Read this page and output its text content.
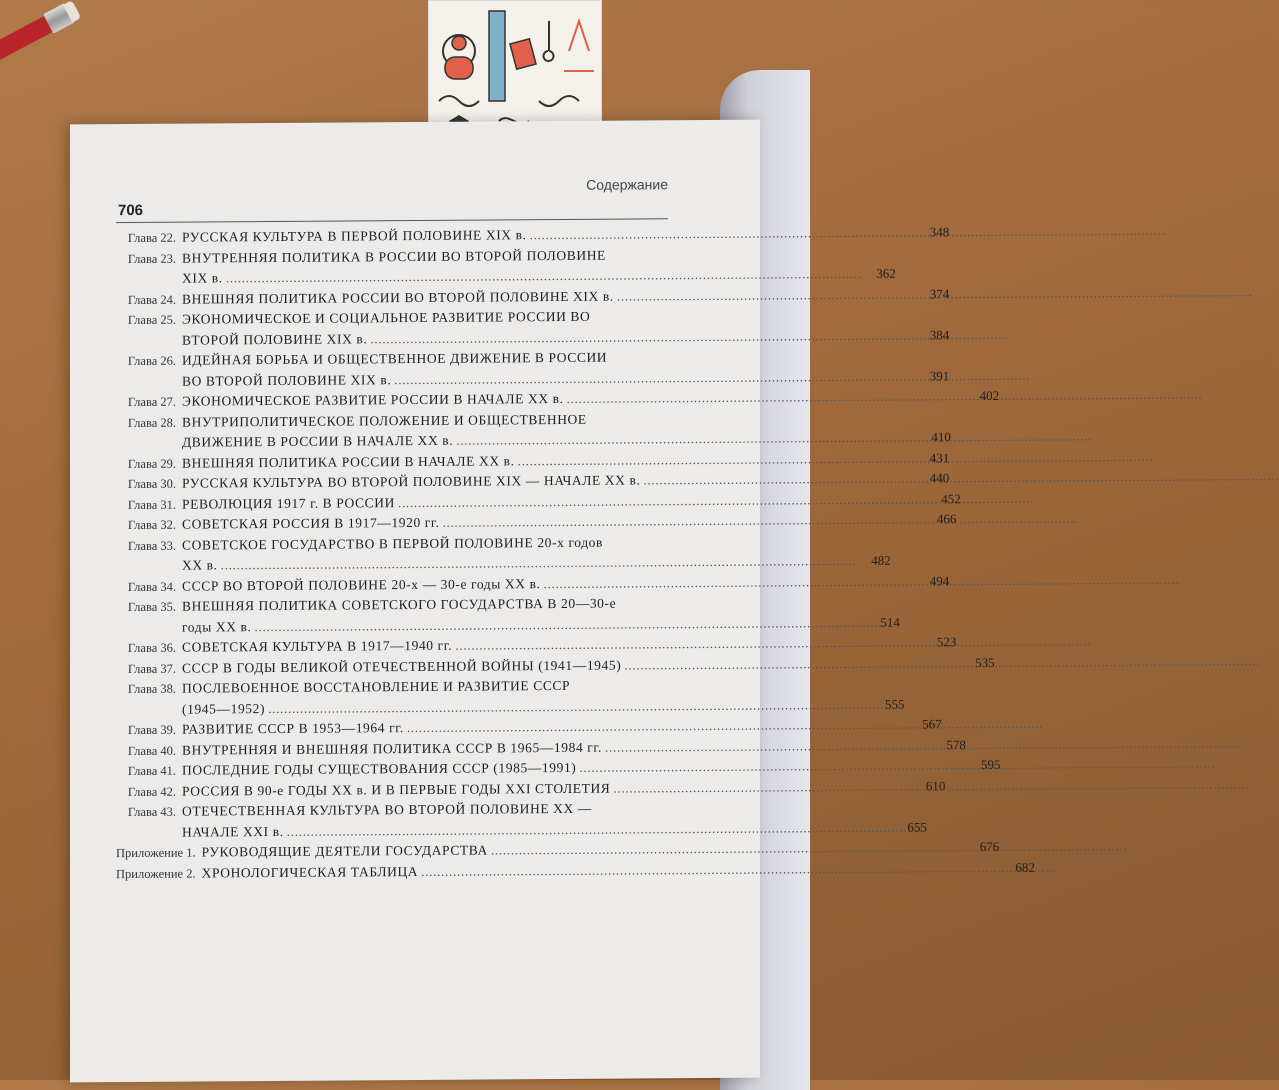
Содержание
706
Глава 22. РУССКАЯ КУЛЬТУРА В ПЕРВОЙ ПОЛОВИНЕ XIX в. .....	348
Глава 23. ВНУТРЕННЯЯ ПОЛИТИКА В РОССИИ ВО ВТОРОЙ ПОЛОВИНЕ
XIX в. .....	362
Глава 24. ВНЕШНЯЯ ПОЛИТИКА РОССИИ ВО ВТОРОЙ ПОЛОВИНЕ XIX в. .....	374
Глава 25. ЭКОНОМИЧЕСКОЕ И СОЦИАЛЬНОЕ РАЗВИТИЕ РОССИИ ВО
ВТОРОЙ ПОЛОВИНЕ XIX в. .....	384
Глава 26. ИДЕЙНАЯ БОРЬБА И ОБЩЕСТВЕННОЕ ДВИЖЕНИЕ В РОССИИ
ВО ВТОРОЙ ПОЛОВИНЕ XIX в. .....	391
Глава 27. ЭКОНОМИЧЕСКОЕ РАЗВИТИЕ РОССИИ В НАЧАЛЕ XX в. .....	402
Глава 28. ВНУТРИПОЛИТИЧЕСКОЕ ПОЛОЖЕНИЕ И ОБЩЕСТВЕННОЕ
ДВИЖЕНИЕ В РОССИИ В НАЧАЛЕ XX в. .....	410
Глава 29. ВНЕШНЯЯ ПОЛИТИКА РОССИИ В НАЧАЛЕ XX в. .....	431
Глава 30. РУССКАЯ КУЛЬТУРА ВО ВТОРОЙ ПОЛОВИНЕ XIX — НАЧАЛЕ XX в. .....	440
Глава 31. РЕВОЛЮЦИЯ 1917 г. В РОССИИ .....	452
Глава 32. СОВЕТСКАЯ РОССИЯ В 1917—1920 гг. .....	466
Глава 33. СОВЕТСКОЕ ГОСУДАРСТВО В ПЕРВОЙ ПОЛОВИНЕ 20-х годов
XX в. .....	482
Глава 34. СССР ВО ВТОРОЙ ПОЛОВИНЕ 20-х — 30-е годы XX в. .....	494
Глава 35. ВНЕШНЯЯ ПОЛИТИКА СОВЕТСКОГО ГОСУДАРСТВА В 20—30-е
годы XX в. .....	514
Глава 36. СОВЕТСКАЯ КУЛЬТУРА В 1917—1940 гг. .....	523
Глава 37. СССР В ГОДЫ ВЕЛИКОЙ ОТЕЧЕСТВЕННОЙ ВОЙНЫ (1941—1945) .....	535
Глава 38. ПОСЛЕВОЕННОЕ ВОССТАНОВЛЕНИЕ И РАЗВИТИЕ СССР
(1945—1952) .....	555
Глава 39. РАЗВИТИЕ СССР В 1953—1964 гг. .....	567
Глава 40. ВНУТРЕННЯЯ И ВНЕШНЯЯ ПОЛИТИКА СССР В 1965—1984 гг. .....	578
Глава 41. ПОСЛЕДНИЕ ГОДЫ СУЩЕСТВОВАНИЯ СССР (1985—1991) .....	595
Глава 42. РОССИЯ В 90-е ГОДЫ XX в. И В ПЕРВЫЕ ГОДЫ XXI СТОЛЕТИЯ .....	610
Глава 43. ОТЕЧЕСТВЕННАЯ КУЛЬТУРА ВО ВТОРОЙ ПОЛОВИНЕ XX —
НАЧАЛЕ XXI в. .....	655
Приложение 1. РУКОВОДЯЩИЕ ДЕЯТЕЛИ ГОСУДАРСТВА .....	676
Приложение 2. ХРОНОЛОГИЧЕСКАЯ ТАБЛИЦА .....	682
